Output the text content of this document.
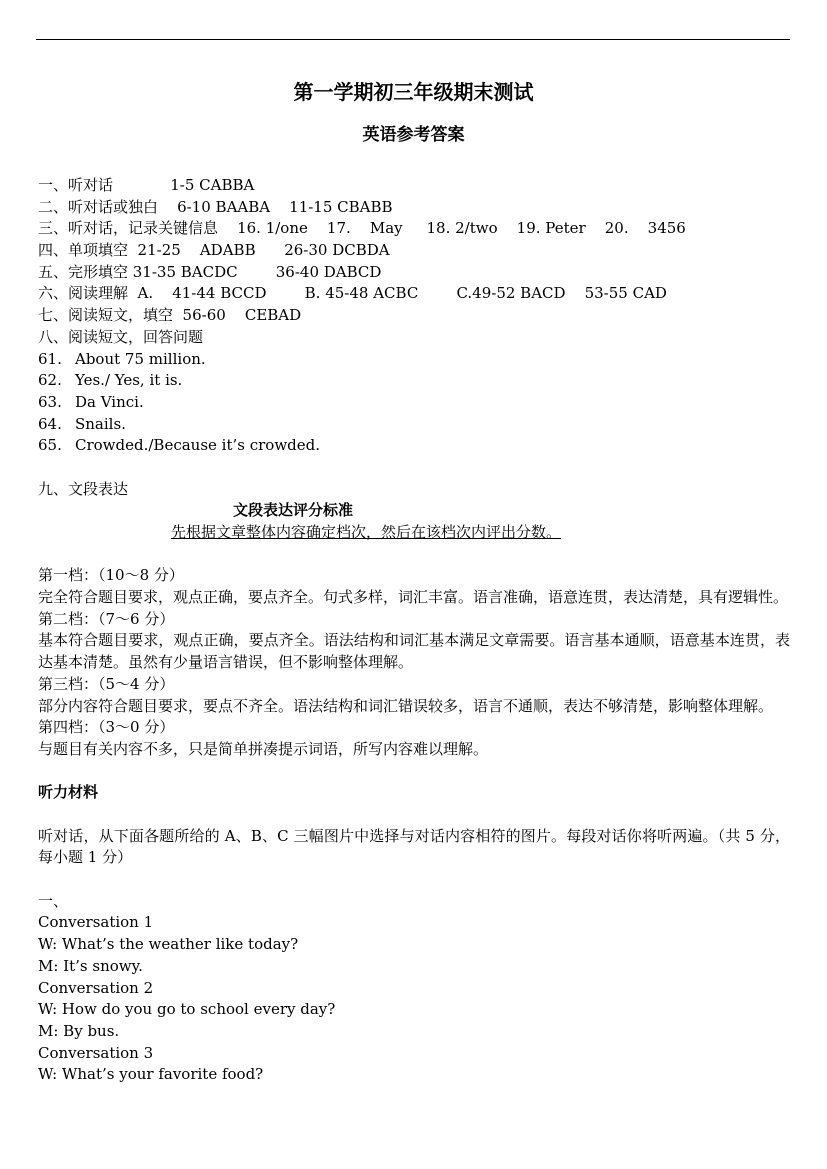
第一学期初三年级期末测试
英语参考答案
一、听对话            1-5 CABBA
二、听对话或独白    6-10 BAABA    11-15 CBABB
三、听对话，记录关键信息    16. 1/one    17.    May     18. 2/two    19. Peter    20.    3456
四、单项填空  21-25    ADABB      26-30 DCBDA
五、完形填空 31-35 BACDC        36-40 DABCD
六、阅读理解  A.    41-44 BCCD        B. 45-48 ACBC        C.49-52 BACD    53-55 CAD
七、阅读短文，填空  56-60    CEBAD
八、阅读短文，回答问题
61. About 75 million.
62. Yes./ Yes, it is.
63. Da Vinci.
64. Snails.
65. Crowded./Because it’s crowded.
九、文段表达
文段表达评分标准
先根据文章整体内容确定档次，然后在该档次内评出分数。
第一档：（10～8 分）
完全符合题目要求，观点正确，要点齐全。句式多样，词汇丰富。语言准确，语意连贯，表达清楚，具有逻辑性。
第二档：（7～6 分）
基本符合题目要求，观点正确，要点齐全。语法结构和词汇基本满足文章需要。语言基本通顺，语意基本连贯，表达基本清楚。虽然有少量语言错误，但不影响整体理解。
第三档：（5～4 分）
部分内容符合题目要求，要点不齐全。语法结构和词汇错误较多，语言不通顺，表达不够清楚，影响整体理解。
第四档：（3～0 分）
与题目有关内容不多，只是简单拼凑提示词语，所写内容难以理解。
听力材料
听对话，从下面各题所给的 A、B、C 三幅图片中选择与对话内容相符的图片。每段对话你将听两遍。（共 5 分，每小题 1 分）
一、
Conversation 1
W: What’s the weather like today?
M: It’s snowy.
Conversation 2
W: How do you go to school every day?
M: By bus.
Conversation 3
W: What’s your favorite food?
